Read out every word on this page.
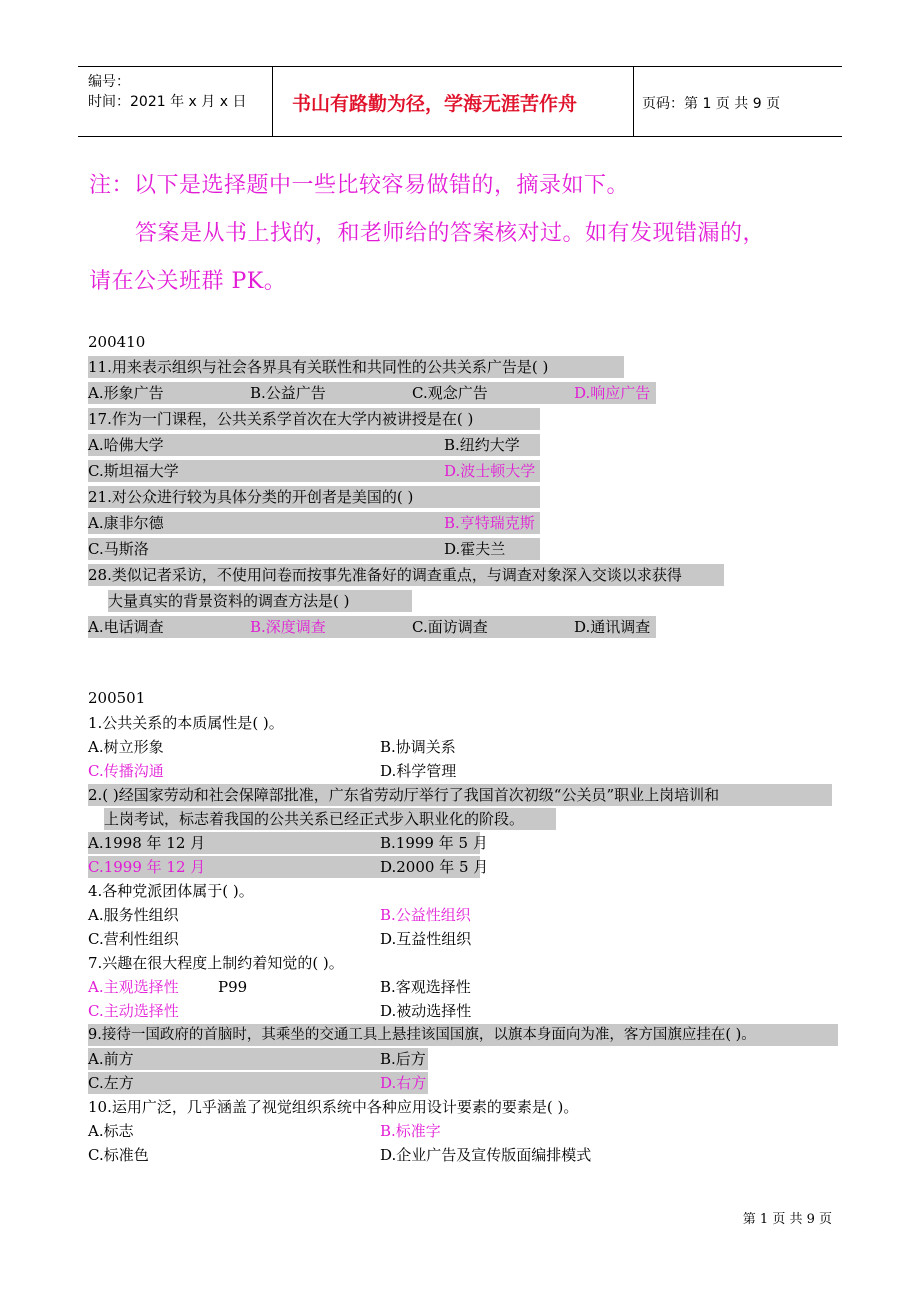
编号：
时间：2021 年 x 月 x 日 书山有路勤为径，学海无涯苦作舟	页码：第 1 页 共 9 页
注：以下是选择题中一些比较容易做错的，摘录如下。
答案是从书上找的，和老师给的答案核对过。如有发现错漏的，
请在公关班群 PK。
200410
11.用来表示组织与社会各界具有关联性和共同性的公共关系广告是( )
A.形象广告	B.公益广告	C.观念广告	D.响应广告
17.作为一门课程，公共关系学首次在大学内被讲授是在( )
A.哈佛大学	B.纽约大学
C.斯坦福大学	D.波士顿大学
21.对公众进行较为具体分类的开创者是美国的( )
A.康非尔德	B.亨特瑞克斯
C.马斯洛	D.霍夫兰
28.类似记者采访，不使用问卷而按事先准备好的调查重点，与调查对象深入交谈以求获得
大量真实的背景资料的调查方法是( )
A.电话调查	B.深度调查	C.面访调查	D.通讯调查
200501
1.公共关系的本质属性是( )。
A.树立形象	B.协调关系
C.传播沟通	D.科学管理
2.( )经国家劳动和社会保障部批准，广东省劳动厅举行了我国首次初级“公关员”职业上岗培训和
上岗考试，标志着我国的公共关系已经正式步入职业化的阶段。
A.1998 年 12 月	B.1999 年 5 月
C.1999 年 12 月	D.2000 年 5 月
4.各种党派团体属于( )。
A.服务性组织	B.公益性组织
C.营利性组织	D.互益性组织
7.兴趣在很大程度上制约着知觉的( )。
A.主观选择性	P99	B.客观选择性
C.主动选择性	D.被动选择性
9.接待一国政府的首脑时，其乘坐的交通工具上悬挂该国国旗，以旗本身面向为准，客方国旗应挂在( )。
A.前方	B.后方
C.左方	D.右方
10.运用广泛，几乎涵盖了视觉组织系统中各种应用设计要素的要素是( )。
A.标志	B.标准字
C.标准色	D.企业广告及宣传版面编排模式
第 1 页 共 9 页
